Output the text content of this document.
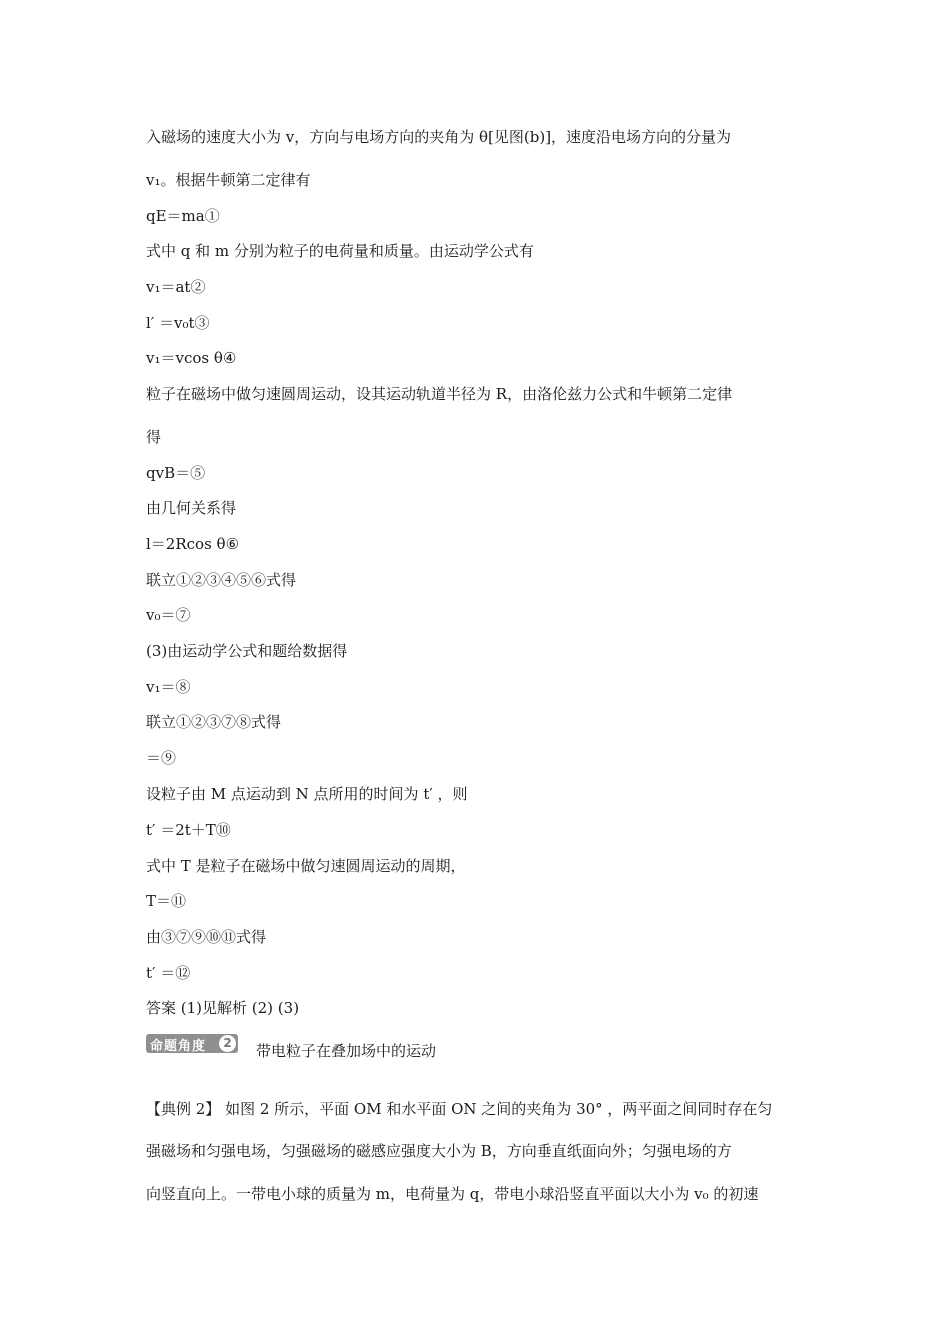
入磁场的速度大小为 v，方向与电场方向的夹角为 θ[见图(b)]，速度沿电场方向的分量为
v₁。根据牛顿第二定律有
qE＝ma①
式中 q 和 m 分别为粒子的电荷量和质量。由运动学公式有
v₁＝at②
l′ ＝v₀t③
v₁＝vcos θ④
粒子在磁场中做匀速圆周运动，设其运动轨道半径为 R，由洛伦兹力公式和牛顿第二定律
得
qvB＝⑤
由几何关系得
l＝2Rcos θ⑥
联立①②③④⑤⑥式得
v₀＝⑦
(3)由运动学公式和题给数据得
v₁＝⑧
联立①②③⑦⑧式得
＝⑨
设粒子由 M 点运动到 N 点所用的时间为 t′ ，则
t′ ＝2t＋T⑩
式中 T 是粒子在磁场中做匀速圆周运动的周期，
T＝⑪
由③⑦⑨⑩⑪式得
t′ ＝⑫
答案 (1)见解析 (2) (3)
命题角度	2 带电粒子在叠加场中的运动
【典例 2】 如图 2 所示，平面 OM 和水平面 ON 之间的夹角为 30° ，两平面之间同时存在匀
强磁场和匀强电场，匀强磁场的磁感应强度大小为 B，方向垂直纸面向外；匀强电场的方
向竖直向上。一带电小球的质量为 m，电荷量为 q，带电小球沿竖直平面以大小为 v₀ 的初速
